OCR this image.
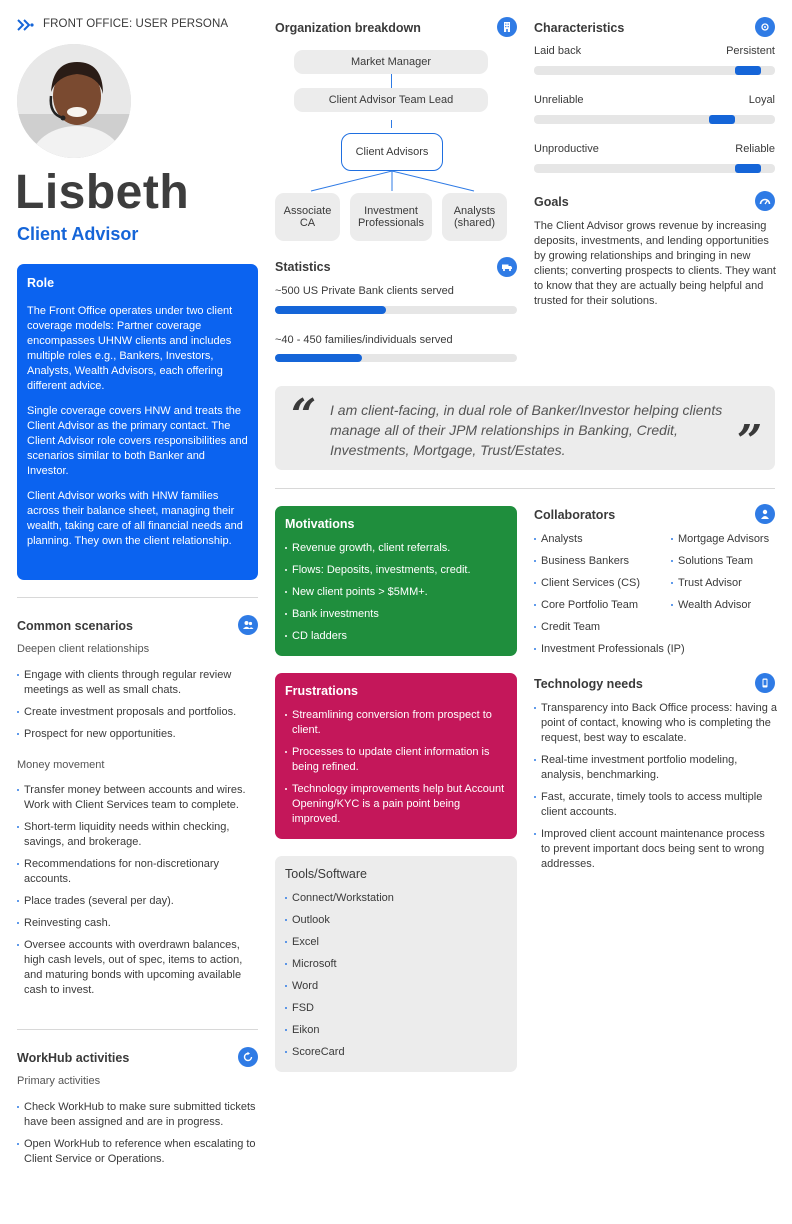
FRONT OFFICE: USER PERSONA
Lisbeth
Client Advisor
Role

The Front Office operates under two client coverage models: Partner coverage encompasses UHNW clients and includes multiple roles e.g., Bankers, Investors, Analysts, Wealth Advisors, each offering different advice.

Single coverage covers HNW and treats the Client Advisor as the primary contact. The Client Advisor role covers responsibilities and scenarios similar to both Banker and Investor.

Client Advisor works with HNW families across their balance sheet, managing their wealth, taking care of all financial needs and planning. They own the client relationship.

Common scenarios
Deepen client relationships
Engage with clients through regular review meetings as well as small chats.
Create investment proposals and portfolios.
Prospect for new opportunities.
Money movement
Transfer money between accounts and wires. Work with Client Services team to complete.
Short-term liquidity needs within checking, savings, and brokerage.
Recommendations for non-discretionary accounts.
Place trades (several per day).
Reinvesting cash.
Oversee accounts with overdrawn balances, high cash levels, out of spec, items to action, and maturing bonds with upcoming available cash to invest.
WorkHub activities
Primary activities
Check WorkHub to make sure submitted tickets have been assigned and are in progress.
Open WorkHub to reference when escalating to Client Service or Operations.
Organization breakdown
Market Manager
Client Advisor Team Lead
Client Advisors
Associate CA
Investment Professionals
Analysts (shared)
Statistics
~500 US Private Bank clients served
~40 - 450 families/individuals served
Characteristics
Laid back	Persistent
Unreliable	Loyal
Unproductive	Reliable
Goals
The Client Advisor grows revenue by increasing deposits, investments, and lending opportunities by growing relationships and bringing in new clients; converting prospects to clients. They want to know that they are actually being helpful and trusted for their solutions.
“ I am client-facing, in dual role of Banker/Investor helping clients manage all of their JPM relationships in Banking, Credit, Investments, Mortgage, Trust/Estates.	”
Motivations
Revenue growth, client referrals.
Flows: Deposits, investments, credit.
New client points > $5MM+.
Bank investments
CD ladders
Frustrations
Streamlining conversion from prospect to client.
Processes to update client information is being refined.
Technology improvements help but Account Opening/KYC is a pain point being improved.
Tools/Software
Connect/Workstation
Outlook
Excel
Microsoft
Word
FSD
Eikon
ScoreCard
Collaborators
Analysts
Business Bankers
Client Services (CS)
Core Portfolio Team
Credit Team
Investment Professionals (IP)
Mortgage Advisors
Solutions Team
Trust Advisor
Wealth Advisor
Technology needs
Transparency into Back Office process: having a point of contact, knowing who is completing the request, best way to escalate.
Real-time investment portfolio modeling, analysis, benchmarking.
Fast, accurate, timely tools to access multiple client accounts.
Improved client account maintenance process to prevent important docs being sent to wrong addresses.
